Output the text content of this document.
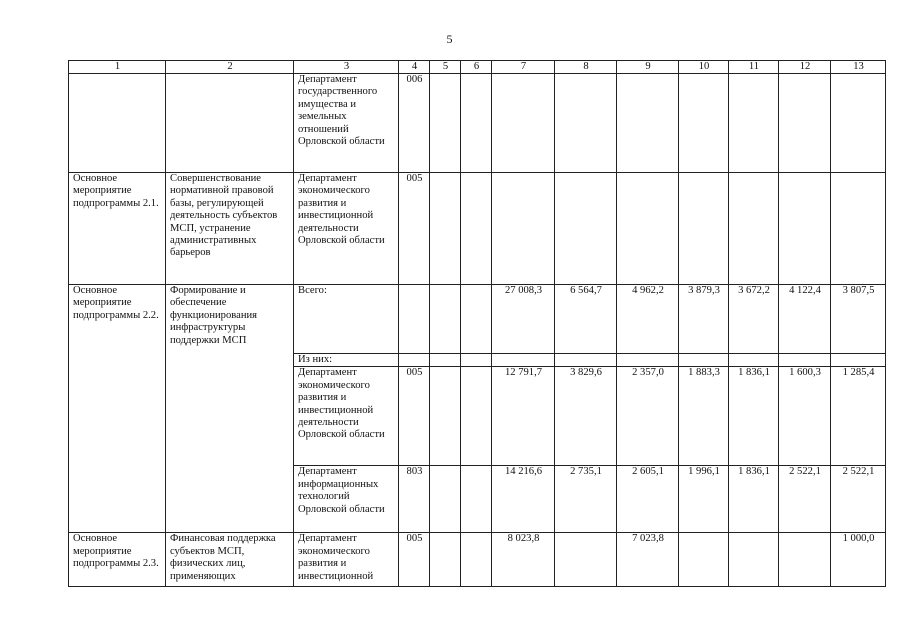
5
1	2	3	4	5	6	7	8	9	10	11	12	13
		Департамент государственного имущества и земельных отношений Орловской области	006									
Основное мероприятие подпрограммы 2.1.	Совершенствование нормативной правовой базы, регулирующей деятельность субъектов МСП, устранение административных барьеров	Департамент экономического развития и инвестиционной деятельности Орловской области	005									
Основное мероприятие подпрограммы 2.2.	Формирование и обеспечение функционирования инфраструктуры поддержки МСП	Всего:				27 008,3	6 564,7	4 962,2	3 879,3	3 672,2	4 122,4	3 807,5
		Из них:										
		Департамент экономического развития и инвестиционной деятельности Орловской области	005			12 791,7	3 829,6	2 357,0	1 883,3	1 836,1	1 600,3	1 285,4
		Департамент информационных технологий Орловской области	803			14 216,6	2 735,1	2 605,1	1 996,1	1 836,1	2 522,1	2 522,1
Основное мероприятие подпрограммы 2.3.	Финансовая поддержка субъектов МСП, физических лиц, применяющих	Департамент экономического развития и инвестиционной	005			8 023,8		7 023,8				1 000,0
